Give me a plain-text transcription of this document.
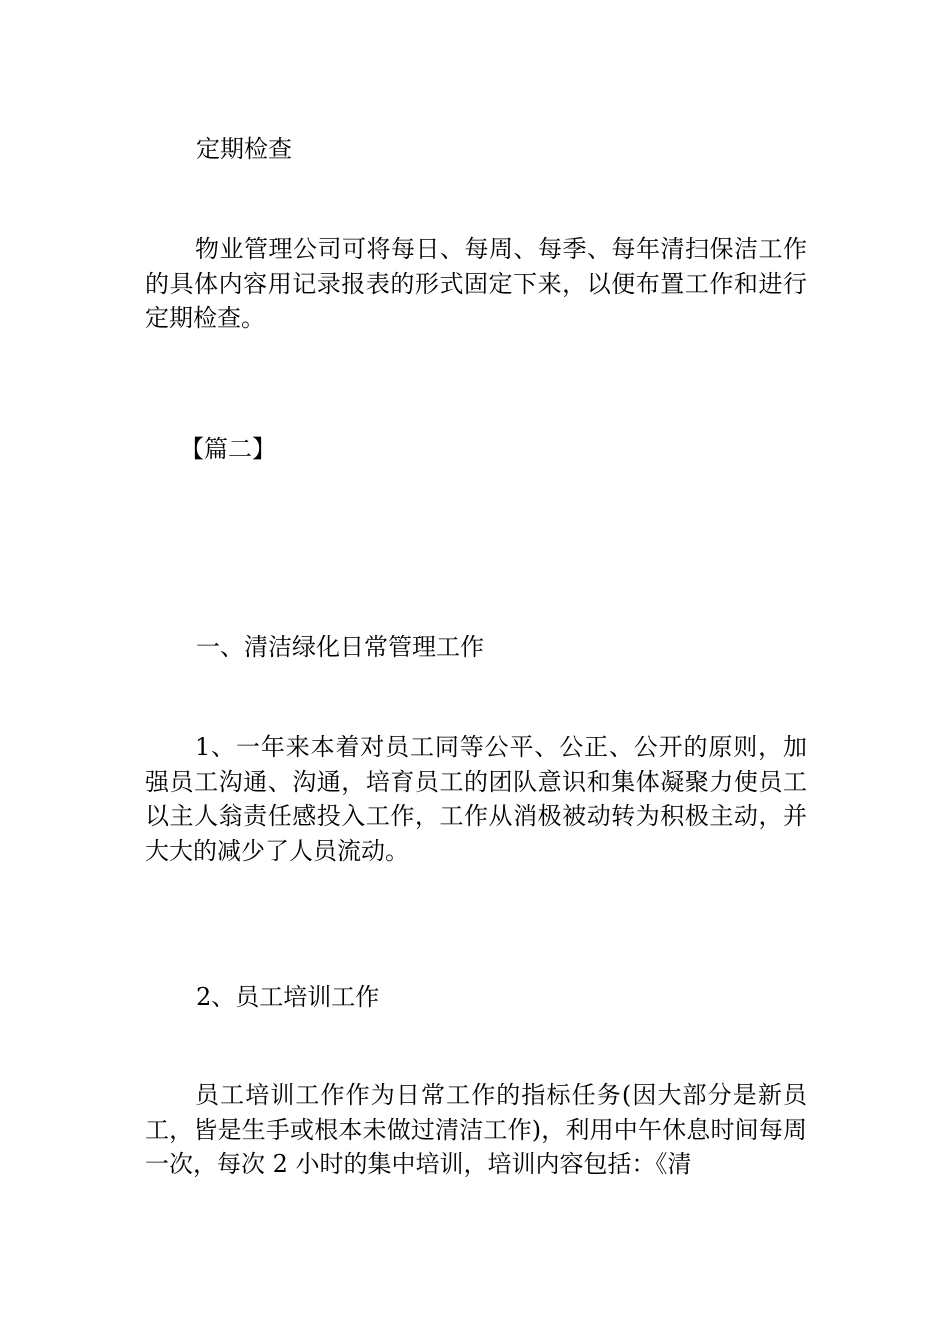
定期检查

物业管理公司可将每日、每周、每季、每年清扫保洁工作的具体内容用记录报表的形式固定下来，以便布置工作和进行定期检查。

【篇二】

一、清洁绿化日常管理工作

1、一年来本着对员工同等公平、公正、公开的原则，加强员工沟通、沟通，培育员工的团队意识和集体凝聚力使员工以主人翁责任感投入工作，工作从消极被动转为积极主动，并大大的减少了人员流动。

2、员工培训工作

员工培训工作作为日常工作的指标任务(因大部分是新员工，皆是生手或根本未做过清洁工作)，利用中午休息时间每周一次，每次 2 小时的集中培训，培训内容包括：《清
